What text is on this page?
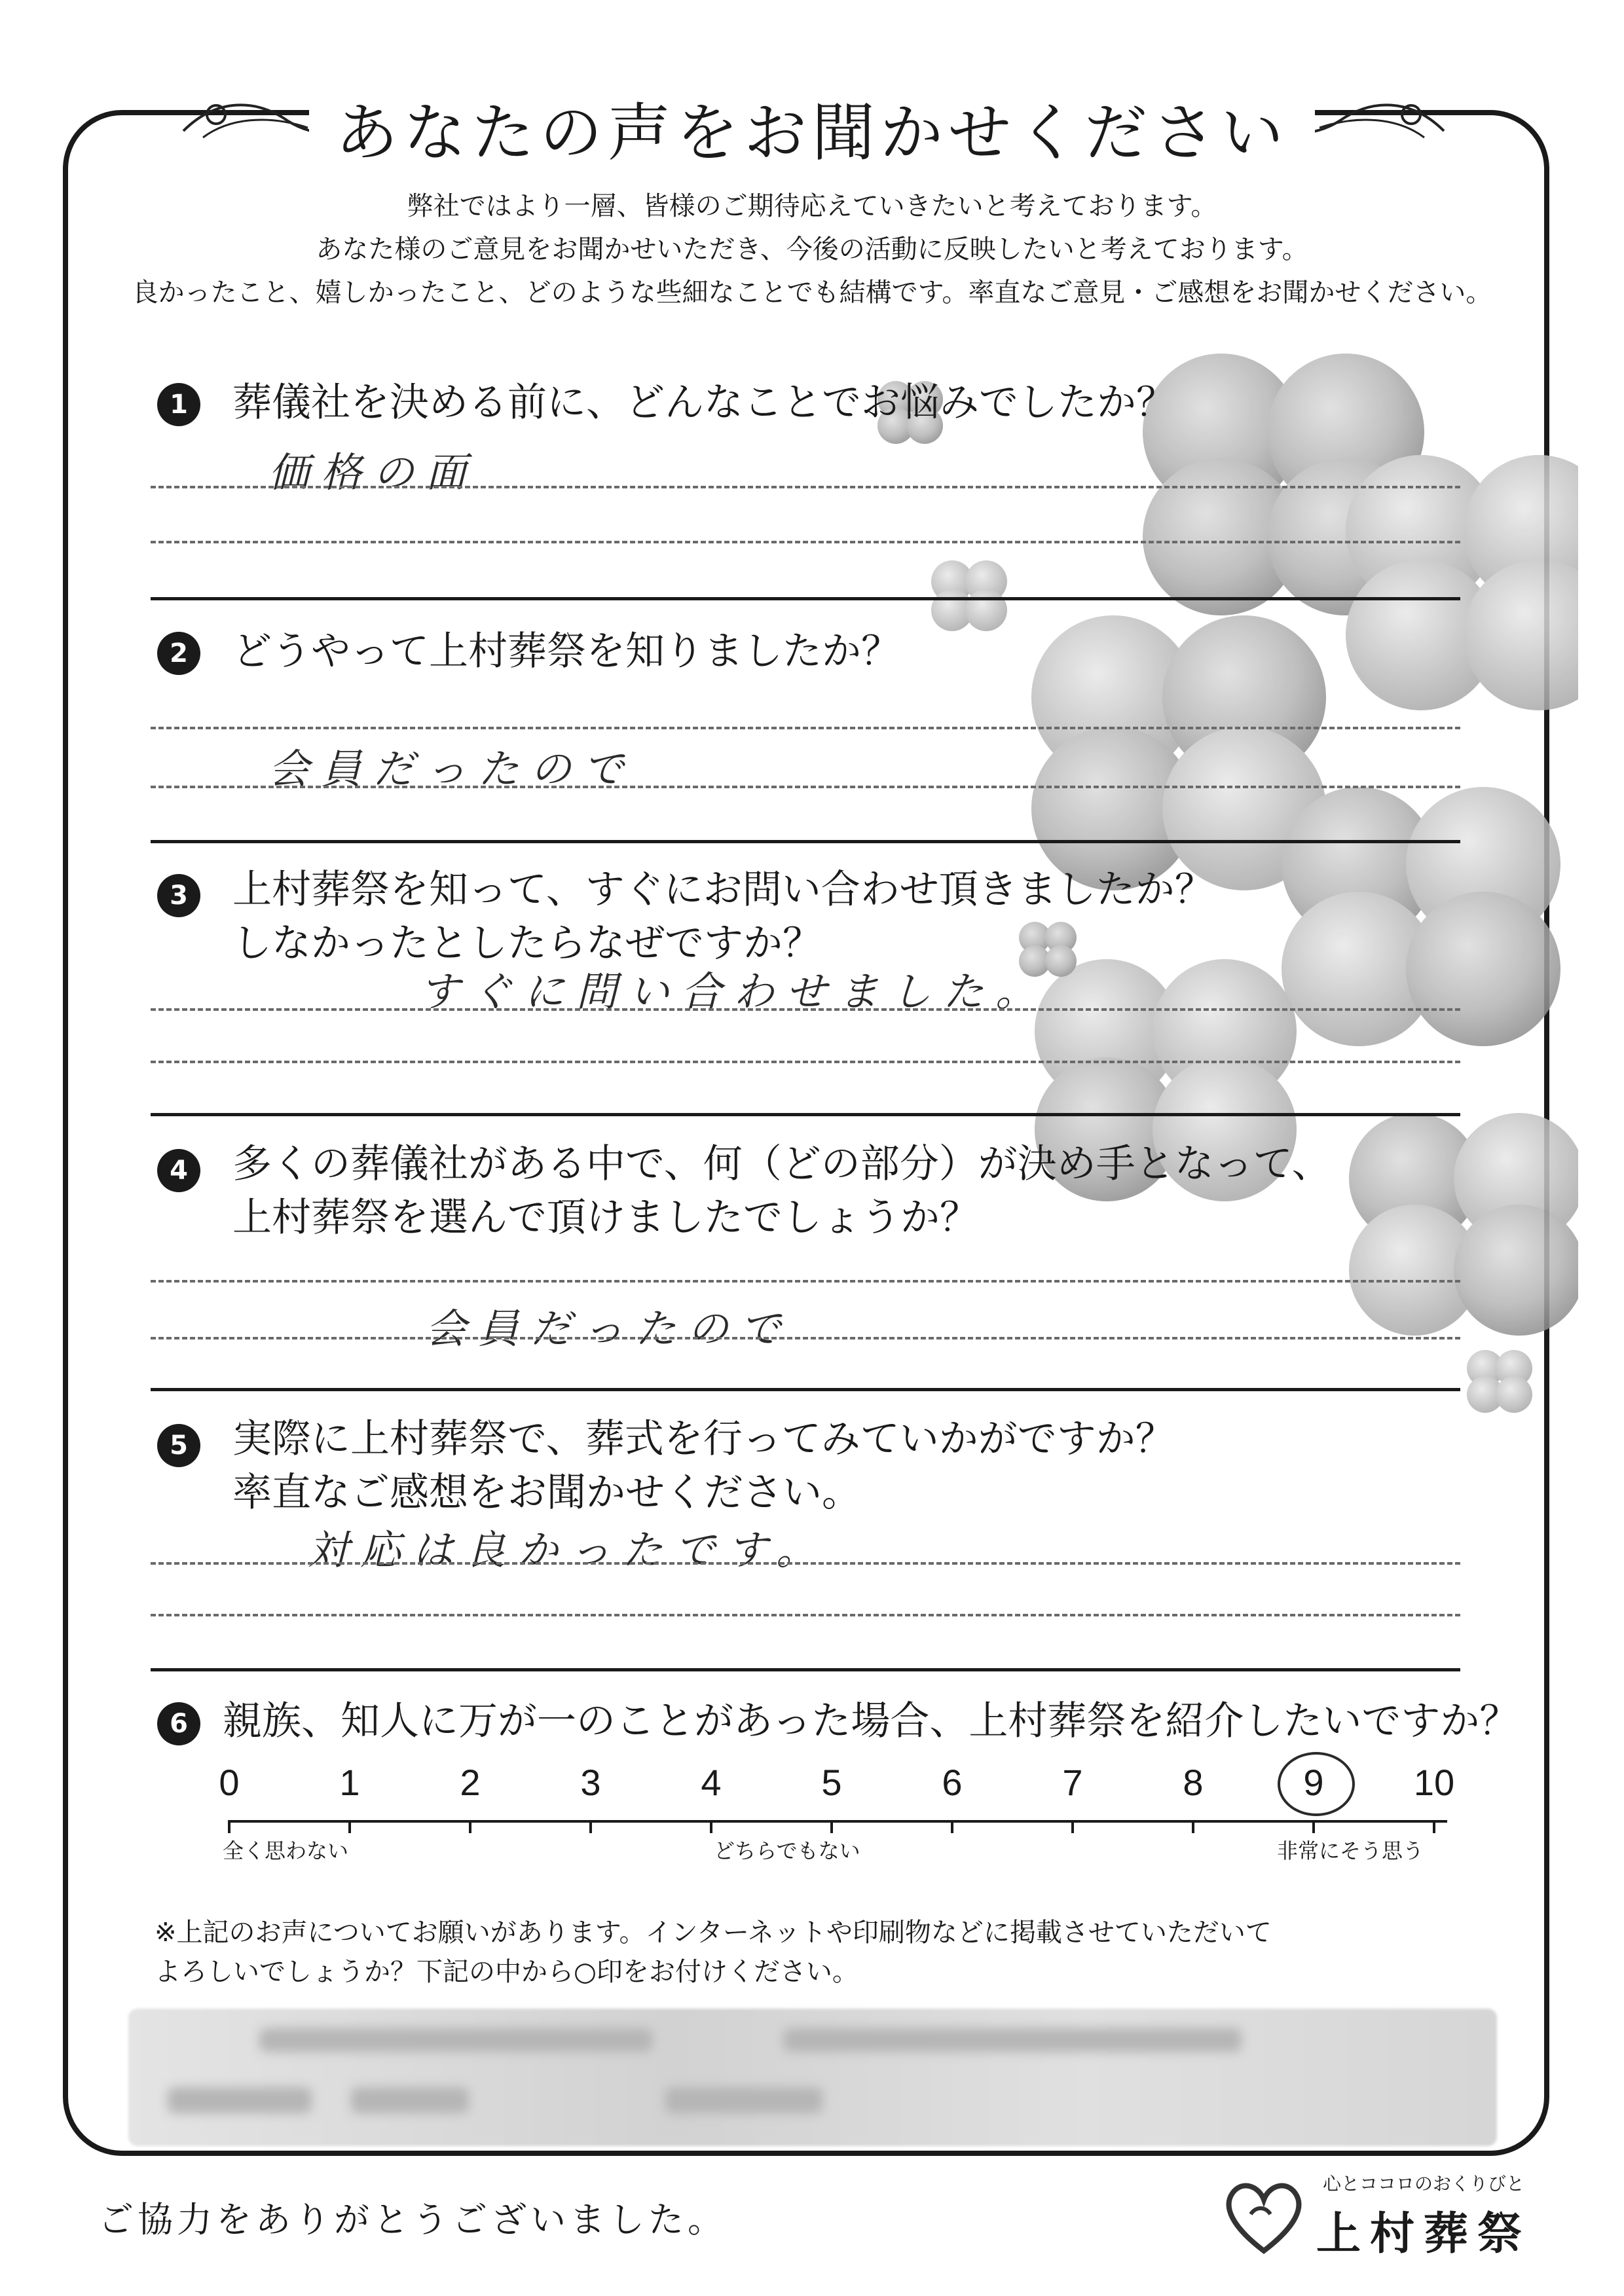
あなたの声をお聞かせください
弊社ではより一層、皆様のご期待応えていきたいと考えております。
あなた様のご意見をお聞かせいただき、今後の活動に反映したいと考えております。
良かったこと、嬉しかったこと、どのような些細なことでも結構です。率直なご意見・ご感想をお聞かせください。
1	葬儀社を決める前に、どんなことでお悩みでしたか？
価格の面
2	どうやって上村葬祭を知りましたか？
会員だったので
3	上村葬祭を知って、すぐにお問い合わせ頂きましたか？
しなかったとしたらなぜですか？
すぐに問い合わせました。
4	多くの葬儀社がある中で、何（どの部分）が決め手となって、
上村葬祭を選んで頂けましたでしょうか？
会員だったので
5	実際に上村葬祭で、葬式を行ってみていかがですか？
率直なご感想をお聞かせください。
対応は良かったです。
6 親族、知人に万が一のことがあった場合、上村葬祭を紹介したいですか？
全く思わない	どちらでもない	非常にそう思う
0	1	2	3	4	5	6	7	8	9	10
※上記のお声についてお願いがあります。インターネットや印刷物などに掲載させていただいて
よろしいでしょうか？下記の中から○印をお付けください。
ご協力をありがとうございました。
心とココロのおくりびと
上村葬祭
